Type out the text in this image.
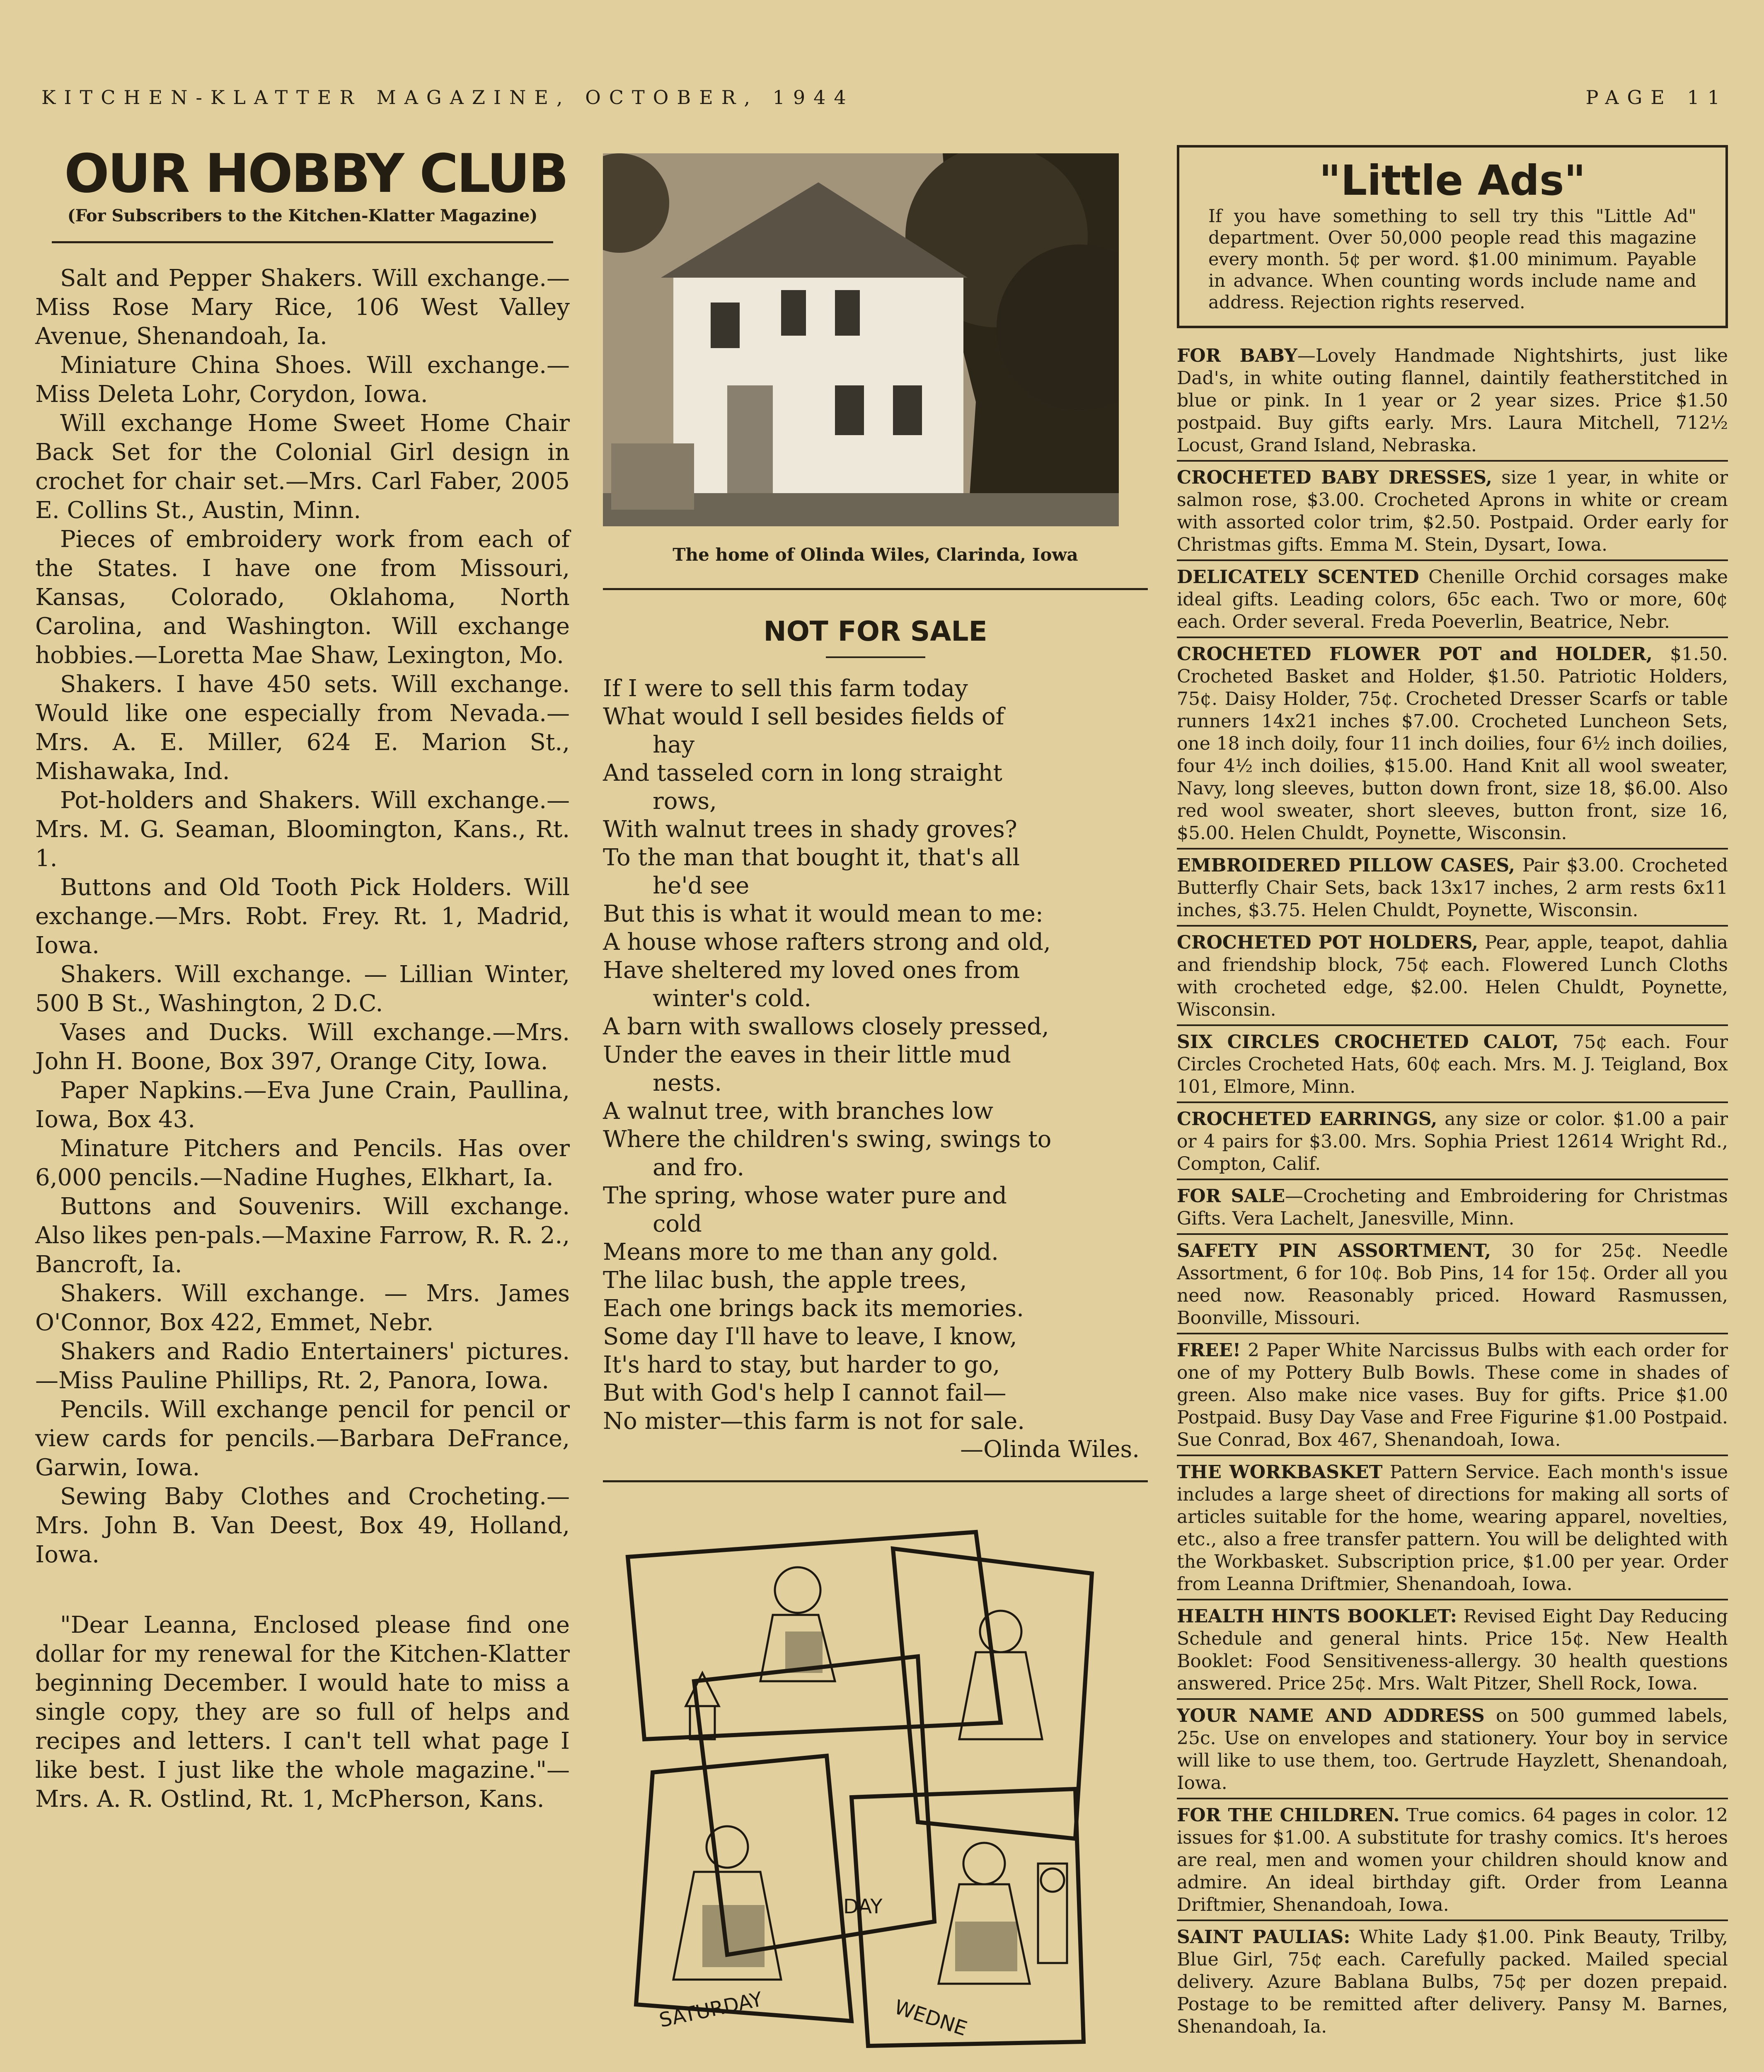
KITCHEN-KLATTER MAGAZINE, OCTOBER, 1944	PAGE 11
OUR HOBBY CLUB

(For Subscribers to the Kitchen-Klatter Magazine)

Salt and Pepper Shakers. Will exchange.—Miss Rose Mary Rice, 106 West Valley Avenue, Shenandoah, Ia.

Miniature China Shoes. Will exchange.—Miss Deleta Lohr, Corydon, Iowa.

Will exchange Home Sweet Home Chair Back Set for the Colonial Girl design in crochet for chair set.—Mrs. Carl Faber, 2005 E. Collins St., Austin, Minn.

Pieces of embroidery work from each of the States. I have one from Missouri, Kansas, Colorado, Oklahoma, North Carolina, and Washington. Will exchange hobbies.—Loretta Mae Shaw, Lexington, Mo.

Shakers. I have 450 sets. Will exchange. Would like one especially from Nevada.—Mrs. A. E. Miller, 624 E. Marion St., Mishawaka, Ind.

Pot-holders and Shakers. Will exchange.—Mrs. M. G. Seaman, Bloomington, Kans., Rt. 1.

Buttons and Old Tooth Pick Holders. Will exchange.—Mrs. Robt. Frey. Rt. 1, Madrid, Iowa.

Shakers. Will exchange. — Lillian Winter, 500 B St., Washington, 2 D.C.

Vases and Ducks. Will exchange.—Mrs. John H. Boone, Box 397, Orange City, Iowa.

Paper Napkins.—Eva June Crain, Paullina, Iowa, Box 43.

Minature Pitchers and Pencils. Has over 6,000 pencils.—Nadine Hughes, Elkhart, Ia.

Buttons and Souvenirs. Will exchange. Also likes pen-pals.—Maxine Farrow, R. R. 2., Bancroft, Ia.

Shakers. Will exchange. — Mrs. James O'Connor, Box 422, Emmet, Nebr.

Shakers and Radio Entertainers' pictures.—Miss Pauline Phillips, Rt. 2, Panora, Iowa.

Pencils. Will exchange pencil for pencil or view cards for pencils.—Barbara DeFrance, Garwin, Iowa.

Sewing Baby Clothes and Crocheting.—Mrs. John B. Van Deest, Box 49, Holland, Iowa.

"Dear Leanna, Enclosed please find one dollar for my renewal for the Kitchen-Klatter beginning December. I would hate to miss a single copy, they are so full of helps and recipes and letters. I can't tell what page I like best. I just like the whole magazine."—Mrs. A. R. Ostlind, Rt. 1, McPherson, Kans.

The home of Olinda Wiles, Clarinda, Iowa

NOT FOR SALE

If I were to sell this farm today

What would I sell besides fields of

hay

And tasseled corn in long straight

rows,

With walnut trees in shady groves?

To the man that bought it, that's all

he'd see

But this is what it would mean to me:

A house whose rafters strong and old,

Have sheltered my loved ones from

winter's cold.

A barn with swallows closely pressed,

Under the eaves in their little mud

nests.

A walnut tree, with branches low

Where the children's swing, swings to

and fro.

The spring, whose water pure and

cold

Means more to me than any gold.

The lilac bush, the apple trees,

Each one brings back its memories.

Some day I'll have to leave, I know,

It's hard to stay, but harder to go,

But with God's help I cannot fail—

No mister—this farm is not for sale.

—Olinda Wiles.

SATURDAY	WEDNE
DAY

"Little Ads"

If you have something to sell try this "Little Ad" department. Over 50,000 people read this magazine every month. 5¢ per word. $1.00 minimum. Payable in advance. When counting words include name and address. Rejection rights reserved.

FOR BABY—Lovely Handmade Nightshirts, just like Dad's, in white outing flannel, daintily featherstitched in blue or pink. In 1 year or 2 year sizes. Price $1.50 postpaid. Buy gifts early. Mrs. Laura Mitchell, 712½ Locust, Grand Island, Nebraska.

CROCHETED BABY DRESSES, size 1 year, in white or salmon rose, $3.00. Crocheted Aprons in white or cream with assorted color trim, $2.50. Postpaid. Order early for Christmas gifts. Emma M. Stein, Dysart, Iowa.

DELICATELY SCENTED Chenille Orchid corsages make ideal gifts. Leading colors, 65c each. Two or more, 60¢ each. Order several. Freda Poeverlin, Beatrice, Nebr.

CROCHETED FLOWER POT and HOLDER, $1.50. Crocheted Basket and Holder, $1.50. Patriotic Holders, 75¢. Daisy Holder, 75¢. Crocheted Dresser Scarfs or table runners 14x21 inches $7.00. Crocheted Luncheon Sets, one 18 inch doily, four 11 inch doilies, four 6½ inch doilies, four 4½ inch doilies, $15.00. Hand Knit all wool sweater, Navy, long sleeves, button down front, size 18, $6.00. Also red wool sweater, short sleeves, button front, size 16, $5.00. Helen Chuldt, Poynette, Wisconsin.

EMBROIDERED PILLOW CASES, Pair $3.00. Crocheted Butterfly Chair Sets, back 13x17 inches, 2 arm rests 6x11 inches, $3.75. Helen Chuldt, Poynette, Wisconsin.

CROCHETED POT HOLDERS, Pear, apple, teapot, dahlia and friendship block, 75¢ each. Flowered Lunch Cloths with crocheted edge, $2.00. Helen Chuldt, Poynette, Wisconsin.

SIX CIRCLES CROCHETED CALOT, 75¢ each. Four Circles Crocheted Hats, 60¢ each. Mrs. M. J. Teigland, Box 101, Elmore, Minn.

CROCHETED EARRINGS, any size or color. $1.00 a pair or 4 pairs for $3.00. Mrs. Sophia Priest 12614 Wright Rd., Compton, Calif.

FOR SALE—Crocheting and Embroidering for Christmas Gifts. Vera Lachelt, Janesville, Minn.

SAFETY PIN ASSORTMENT, 30 for 25¢. Needle Assortment, 6 for 10¢. Bob Pins, 14 for 15¢. Order all you need now. Reasonably priced. Howard Rasmussen, Boonville, Missouri.

FREE! 2 Paper White Narcissus Bulbs with each order for one of my Pottery Bulb Bowls. These come in shades of green. Also make nice vases. Buy for gifts. Price $1.00 Postpaid. Busy Day Vase and Free Figurine $1.00 Postpaid. Sue Conrad, Box 467, Shenandoah, Iowa.

THE WORKBASKET Pattern Service. Each month's issue includes a large sheet of directions for making all sorts of articles suitable for the home, wearing apparel, novelties, etc., also a free transfer pattern. You will be delighted with the Workbasket. Subscription price, $1.00 per year. Order from Leanna Driftmier, Shenandoah, Iowa.

HEALTH HINTS BOOKLET: Revised Eight Day Reducing Schedule and general hints. Price 15¢. New Health Booklet: Food Sensitiveness-allergy. 30 health questions answered. Price 25¢. Mrs. Walt Pitzer, Shell Rock, Iowa.

YOUR NAME AND ADDRESS on 500 gummed labels, 25c. Use on envelopes and stationery. Your boy in service will like to use them, too. Gertrude Hayzlett, Shenandoah, Iowa.

FOR THE CHILDREN. True comics. 64 pages in color. 12 issues for $1.00. A substitute for trashy comics. It's heroes are real, men and women your children should know and admire. An ideal birthday gift. Order from Leanna Driftmier, Shenandoah, Iowa.

SAINT PAULIAS: White Lady $1.00. Pink Beauty, Trilby, Blue Girl, 75¢ each. Carefully packed. Mailed special delivery. Azure Bablana Bulbs, 75¢ per dozen prepaid. Postage to be remitted after delivery. Pansy M. Barnes, Shenandoah, Ia.
